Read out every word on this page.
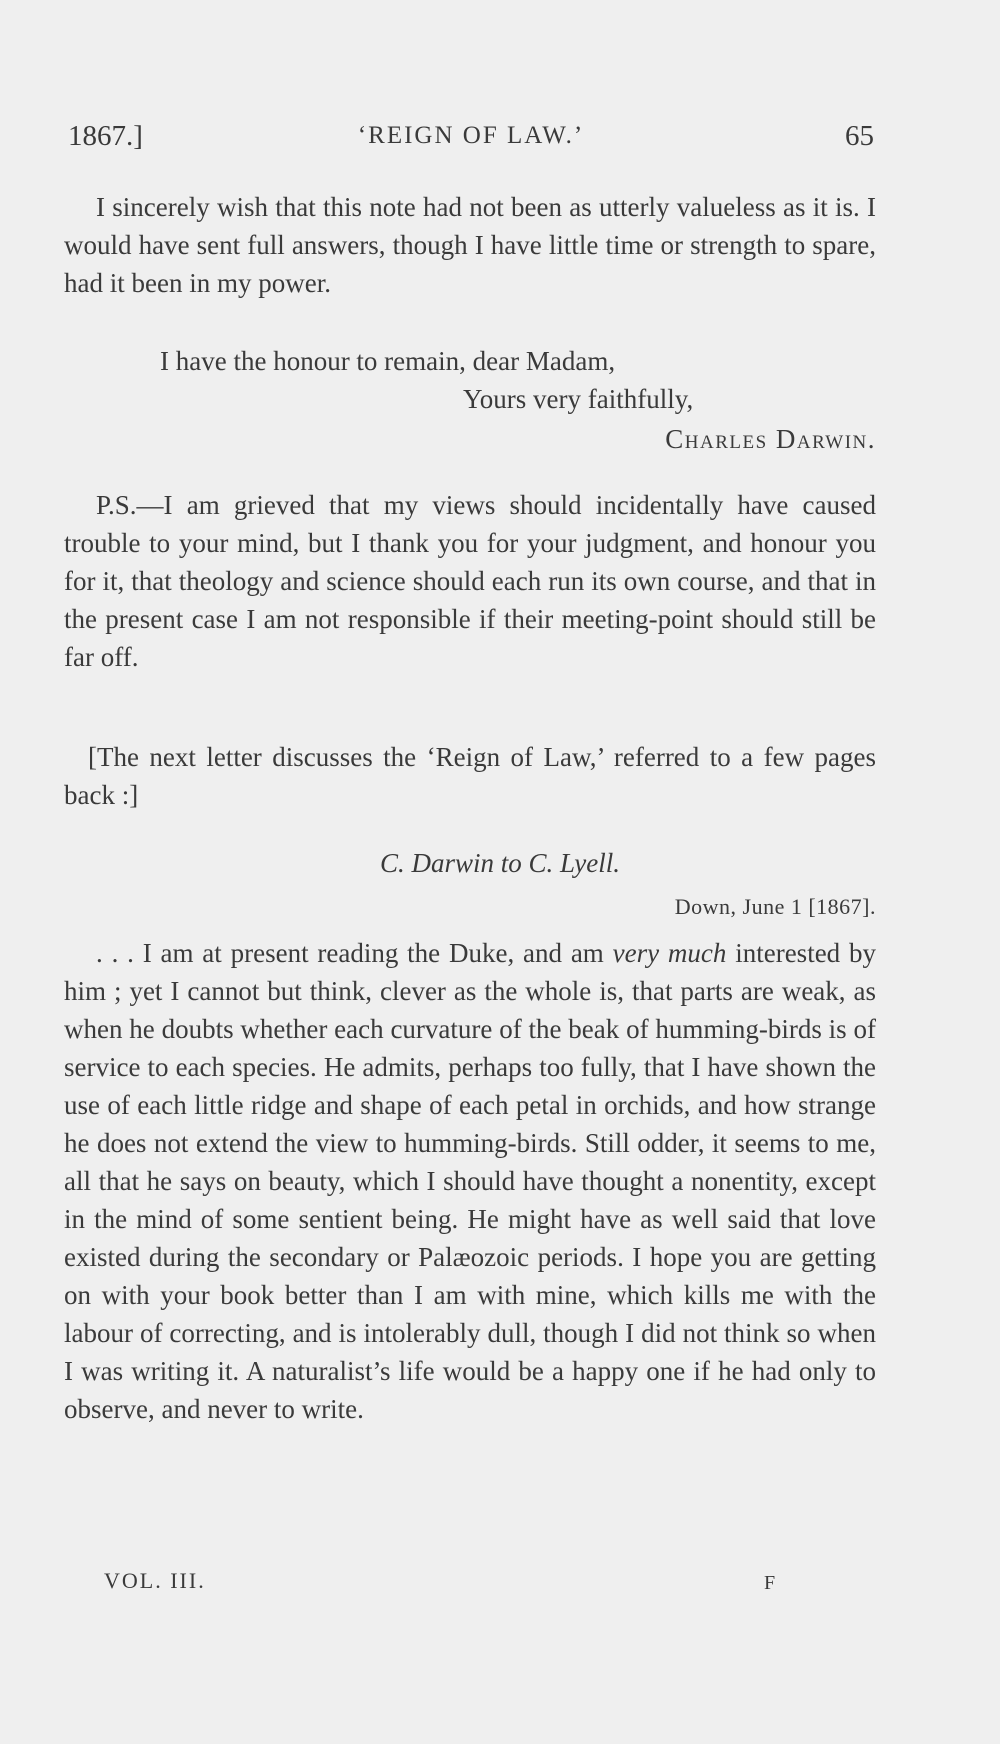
1867.]	‘REIGN OF LAW.’	65

I sincerely wish that this note had not been as utterly valueless as it is. I would have sent full answers, though I have little time or strength to spare, had it been in my power.

I have the honour to remain, dear Madam,
Yours very faithfully,
Charles Darwin.

P.S.—I am grieved that my views should incidentally have caused trouble to your mind, but I thank you for your judgment, and honour you for it, that theology and science should each run its own course, and that in the present case I am not responsible if their meeting-point should still be far off.

[The next letter discusses the ‘Reign of Law,’ referred to a few pages back :]

C. Darwin to C. Lyell.
Down, June 1 [1867].

. . . I am at present reading the Duke, and am very much interested by him ; yet I cannot but think, clever as the whole is, that parts are weak, as when he doubts whether each curvature of the beak of humming-birds is of service to each species. He admits, perhaps too fully, that I have shown the use of each little ridge and shape of each petal in orchids, and how strange he does not extend the view to humming-birds. Still odder, it seems to me, all that he says on beauty, which I should have thought a nonentity, except in the mind of some sentient being. He might have as well said that love existed during the secondary or Palæozoic periods. I hope you are getting on with your book better than I am with mine, which kills me with the labour of correcting, and is intolerably dull, though I did not think so when I was writing it. A naturalist’s life would be a happy one if he had only to observe, and never to write.

VOL. III.	F
